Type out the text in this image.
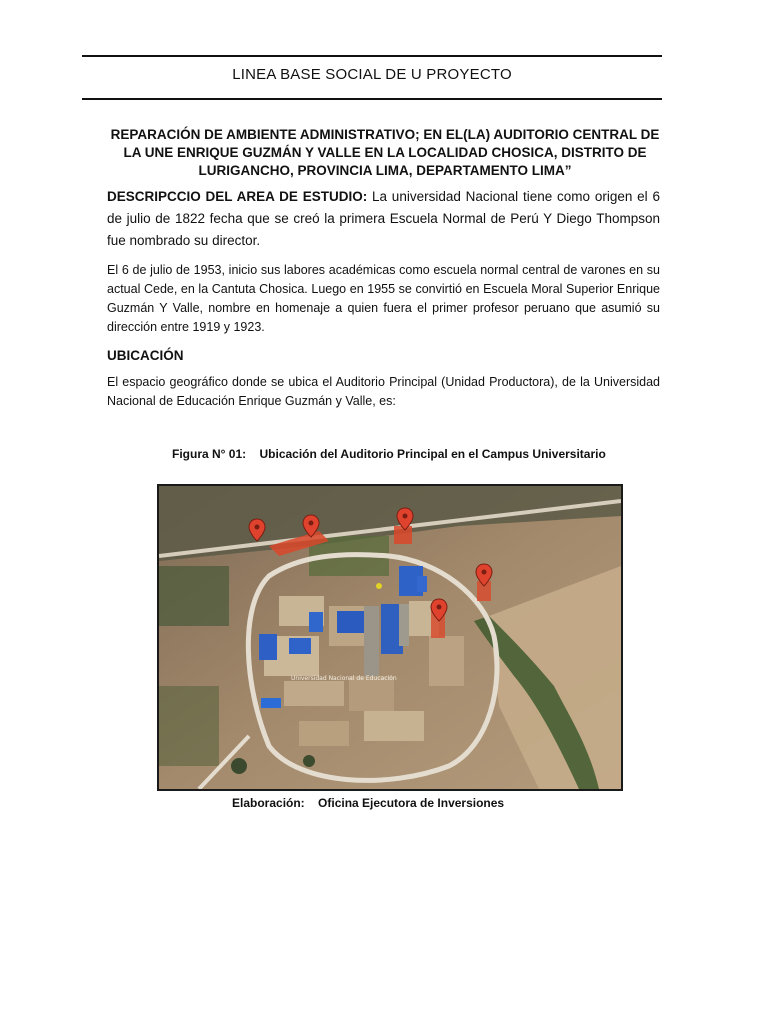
LINEA BASE SOCIAL DE U PROYECTO
REPARACIÓN DE AMBIENTE ADMINISTRATIVO; EN EL(LA) AUDITORIO CENTRAL DE LA UNE ENRIQUE GUZMÁN Y VALLE EN LA LOCALIDAD CHOSICA, DISTRITO DE LURIGANCHO, PROVINCIA LIMA, DEPARTAMENTO LIMA”
DESCRIPCCIO DEL AREA DE ESTUDIO: La universidad Nacional tiene como origen el 6 de julio de 1822 fecha que se creó la primera Escuela Normal de Perú Y Diego Thompson fue nombrado su director.
El 6 de julio de 1953, inicio sus labores académicas como escuela normal central de varones en su actual Cede, en la Cantuta Chosica. Luego en 1955 se convirtió en Escuela Moral Superior Enrique Guzmán Y Valle, nombre en homenaje a quien fuera el primer profesor peruano que asumió su dirección entre 1919 y 1923.
UBICACIÓN
El espacio geográfico donde se ubica el Auditorio Principal (Unidad Productora), de la Universidad Nacional de Educación Enrique Guzmán y Valle, es:
Figura N° 01: Ubicación del Auditorio Principal en el Campus Universitario
Universidad Nacional de Educación
Elaboración: Oficina Ejecutora de Inversiones
